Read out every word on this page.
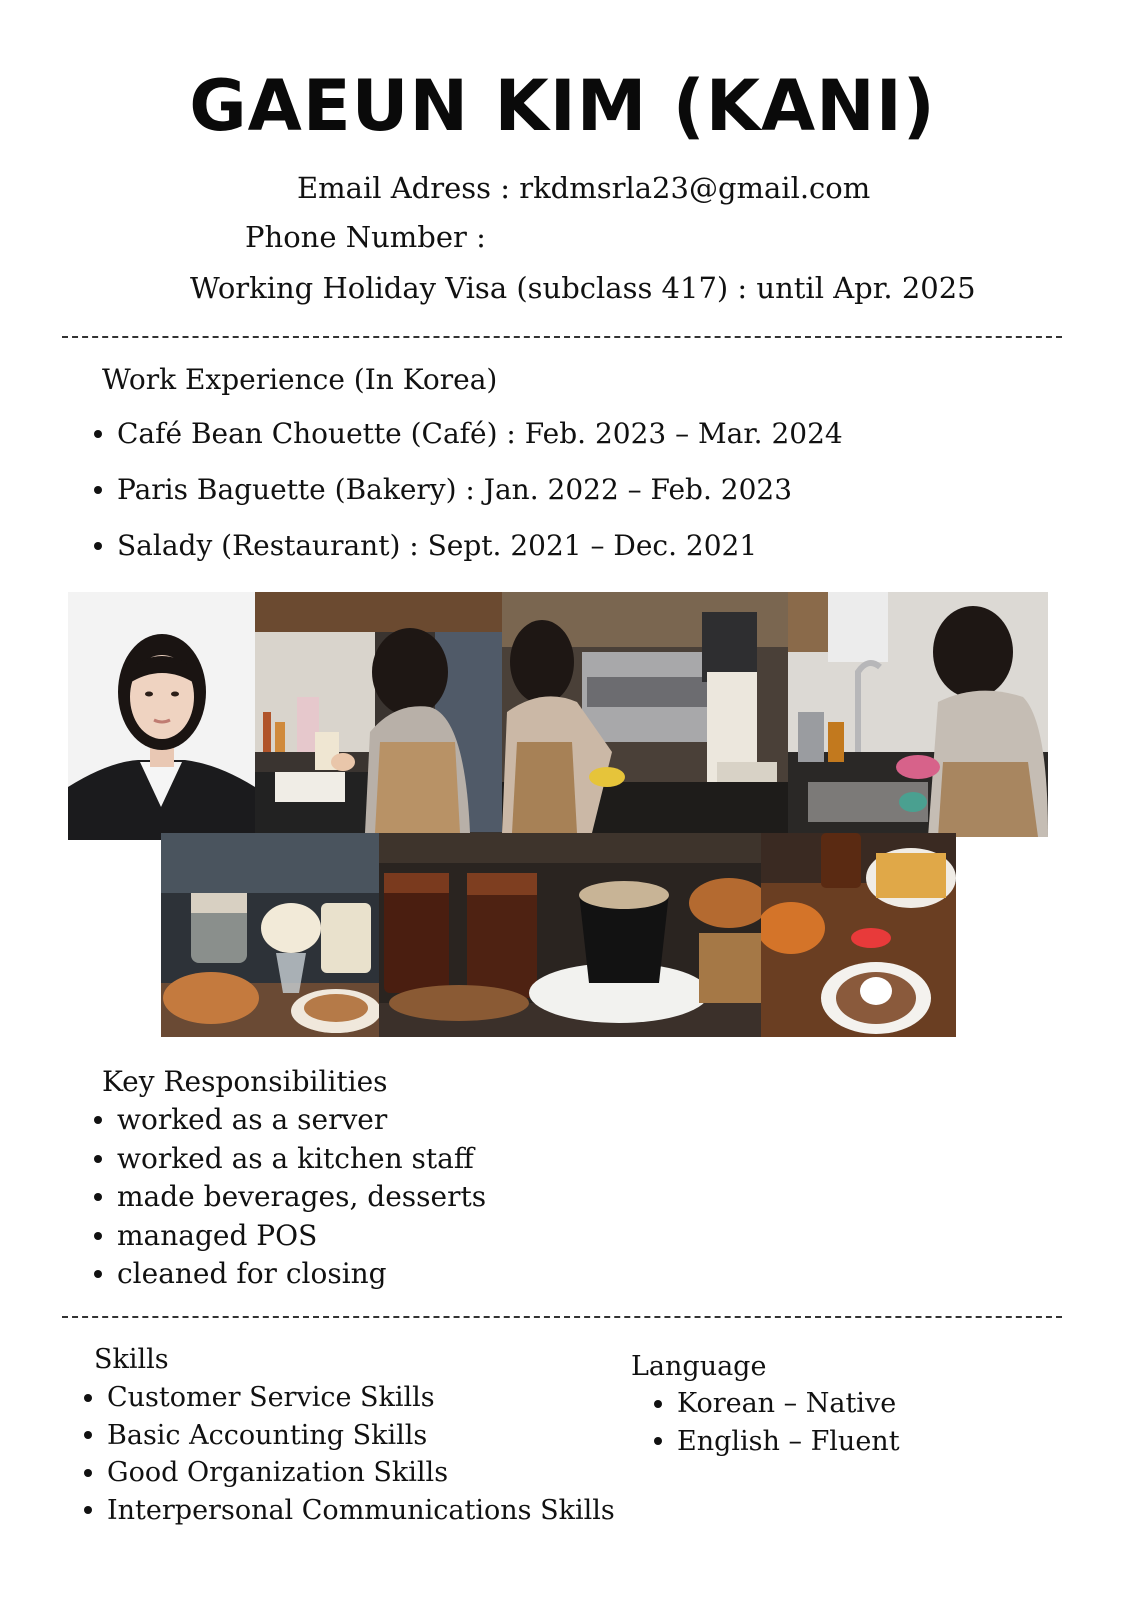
GAEUN KIM (KANI)
Email Adress : rkdmsrla23@gmail.com
Phone Number :
Working Holiday Visa (subclass 417) : until Apr. 2025
Work Experience (In Korea)
Café Bean Chouette (Café) : Feb. 2023 – Mar. 2024
Paris Baguette (Bakery) : Jan. 2022 – Feb. 2023
Salady (Restaurant) : Sept. 2021 – Dec. 2021
Key Responsibilities
worked as a server
worked as a kitchen staff
made beverages, desserts
managed POS
cleaned for closing
Skills
Customer Service Skills
Basic Accounting Skills
Good Organization Skills
Interpersonal Communications Skills
Language
Korean – Native
English – Fluent
